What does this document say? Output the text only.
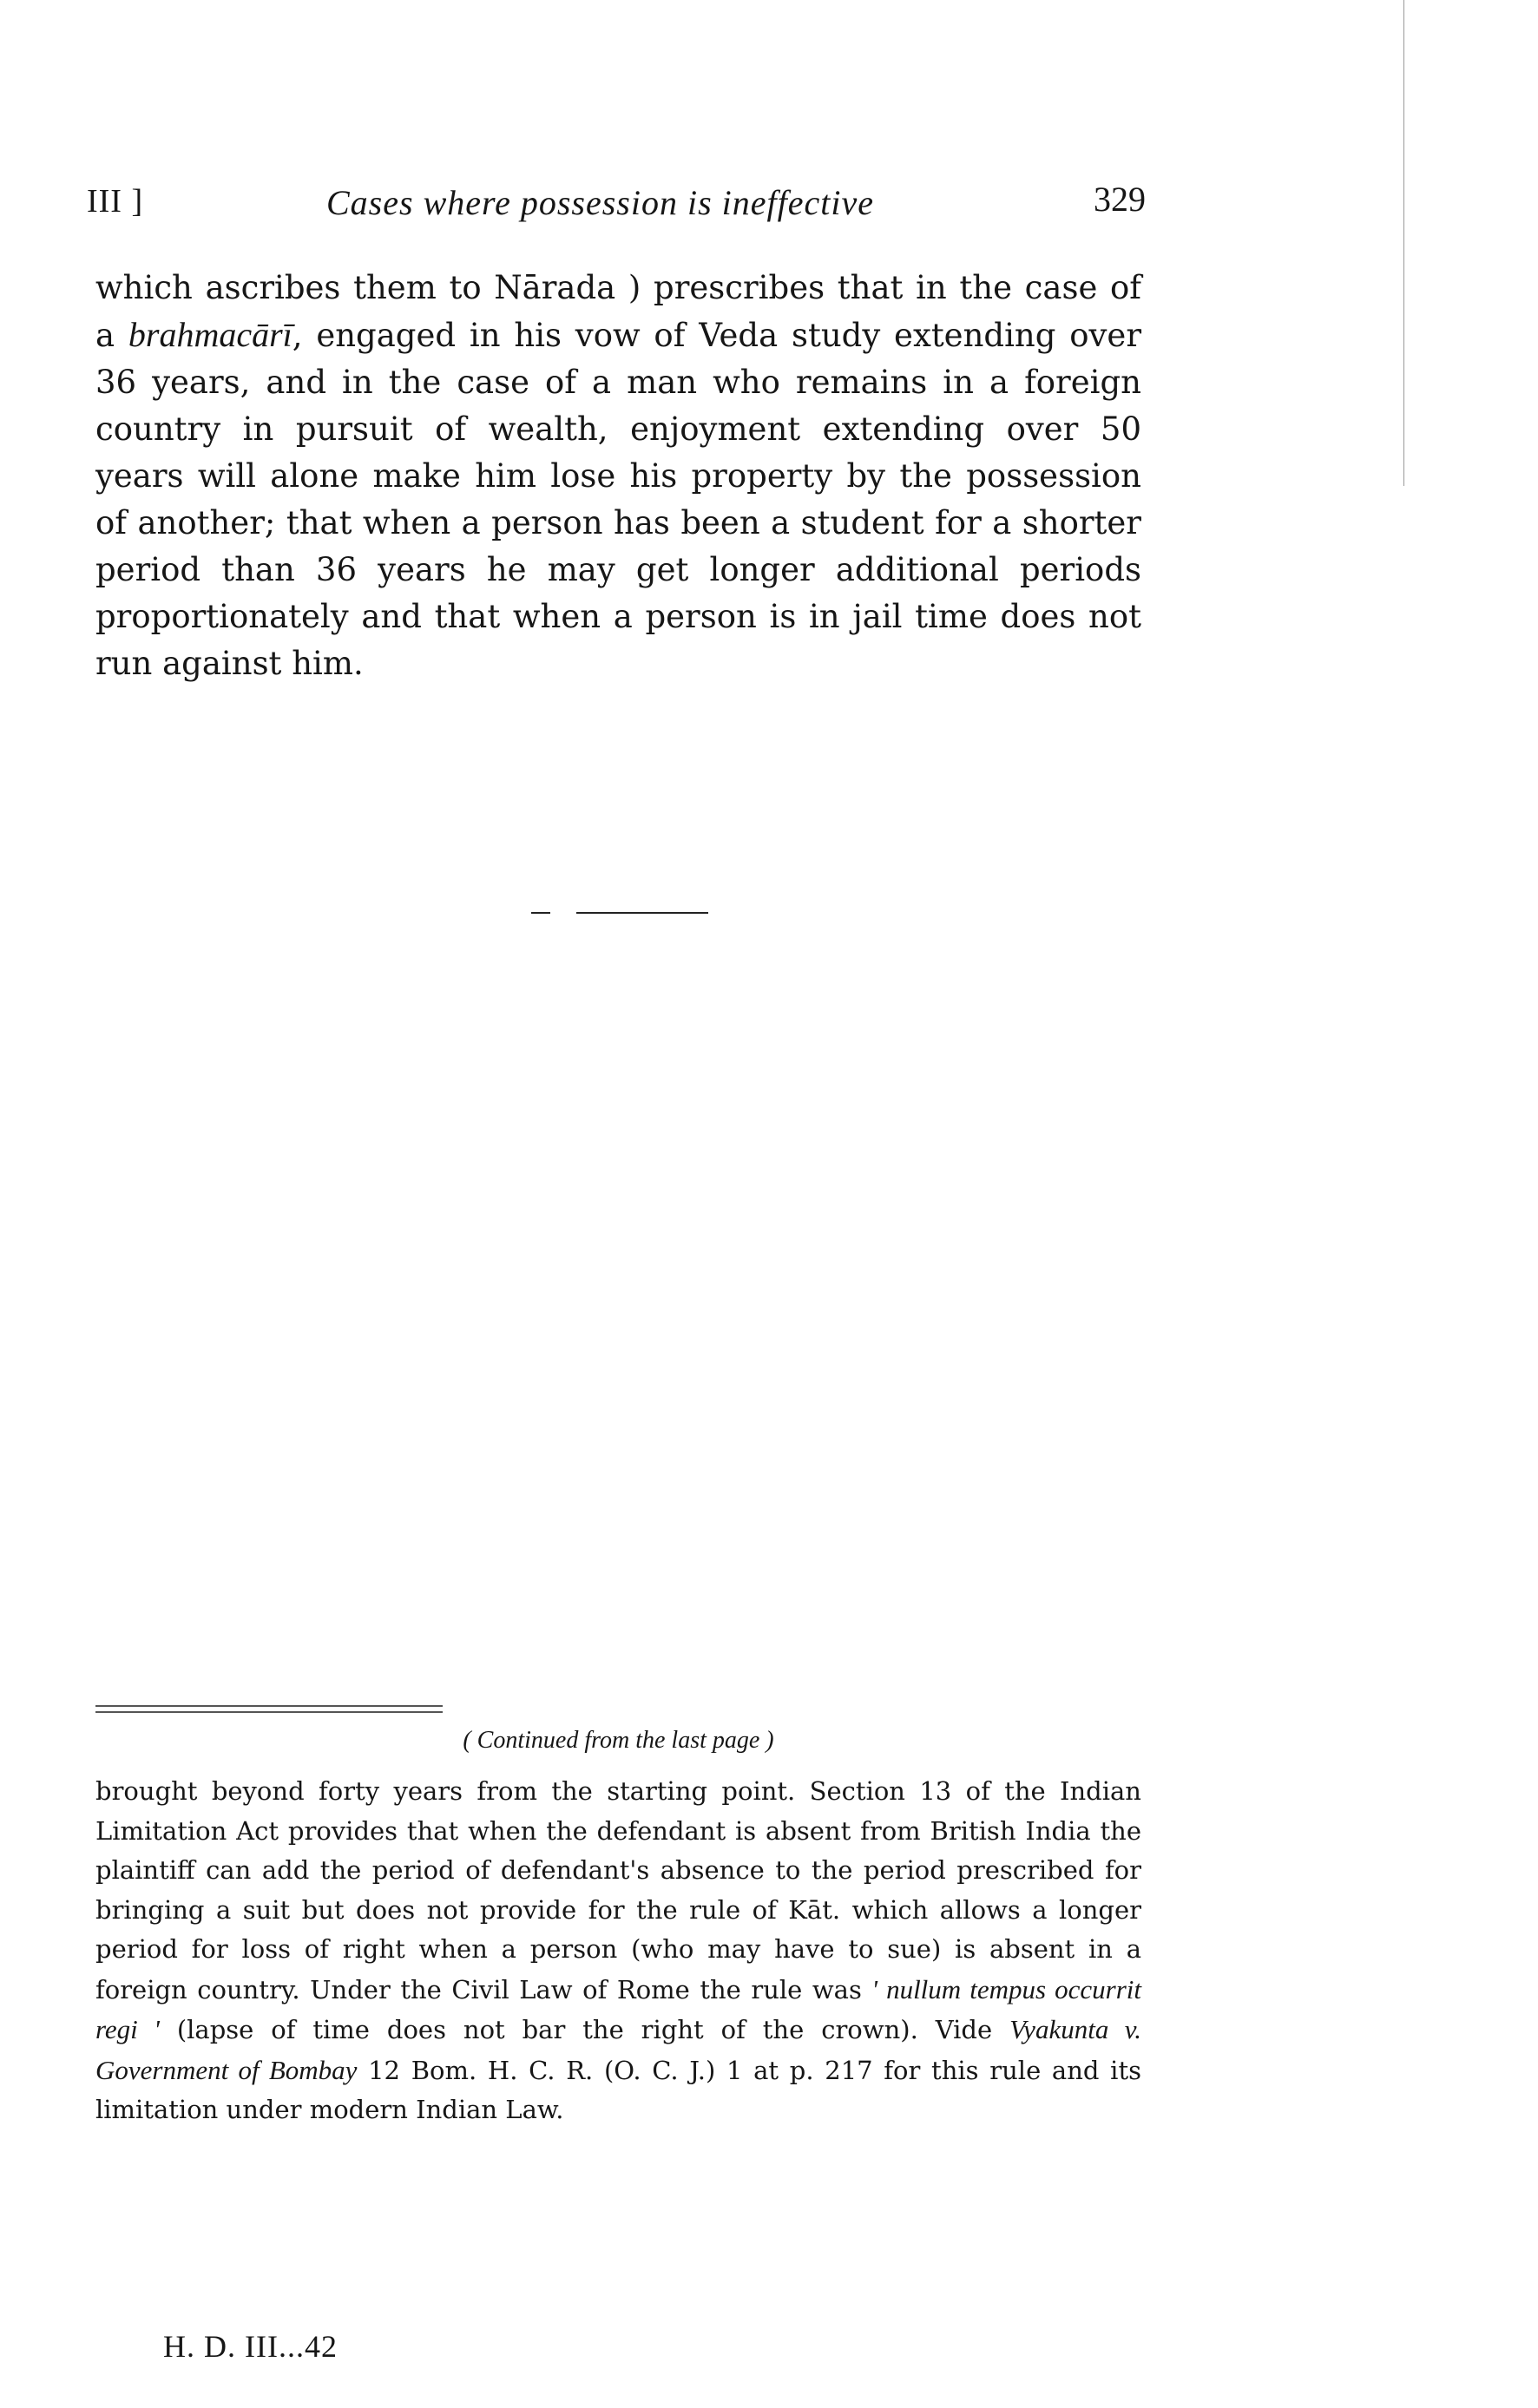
III ]	Cases where possession is ineffective	329

which ascribes them to Nārada ) prescribes that in the case of a brahmacārī, engaged in his vow of Veda study extending over 36 years, and in the case of a man who remains in a foreign country in pursuit of wealth, enjoyment extending over 50 years will alone make him lose his property by the possession of another; that when a person has been a student for a shorter period than 36 years he may get longer additional periods proportionately and that when a person is in jail time does not run against him.

( Continued from the last page )

brought beyond forty years from the starting point. Section 13 of the Indian Limitation Act provides that when the defendant is absent from British India the plaintiff can add the period of defendant's absence to the period prescribed for bringing a suit but does not provide for the rule of Kāt. which allows a longer period for loss of right when a person (who may have to sue) is absent in a foreign country. Under the Civil Law of Rome the rule was ' nullum tempus occurrit regi ' (lapse of time does not bar the right of the crown). Vide Vyakunta v. Government of Bombay 12 Bom. H. C. R. (O. C. J.) 1 at p. 217 for this rule and its limitation under modern Indian Law.

H. D. III...42
